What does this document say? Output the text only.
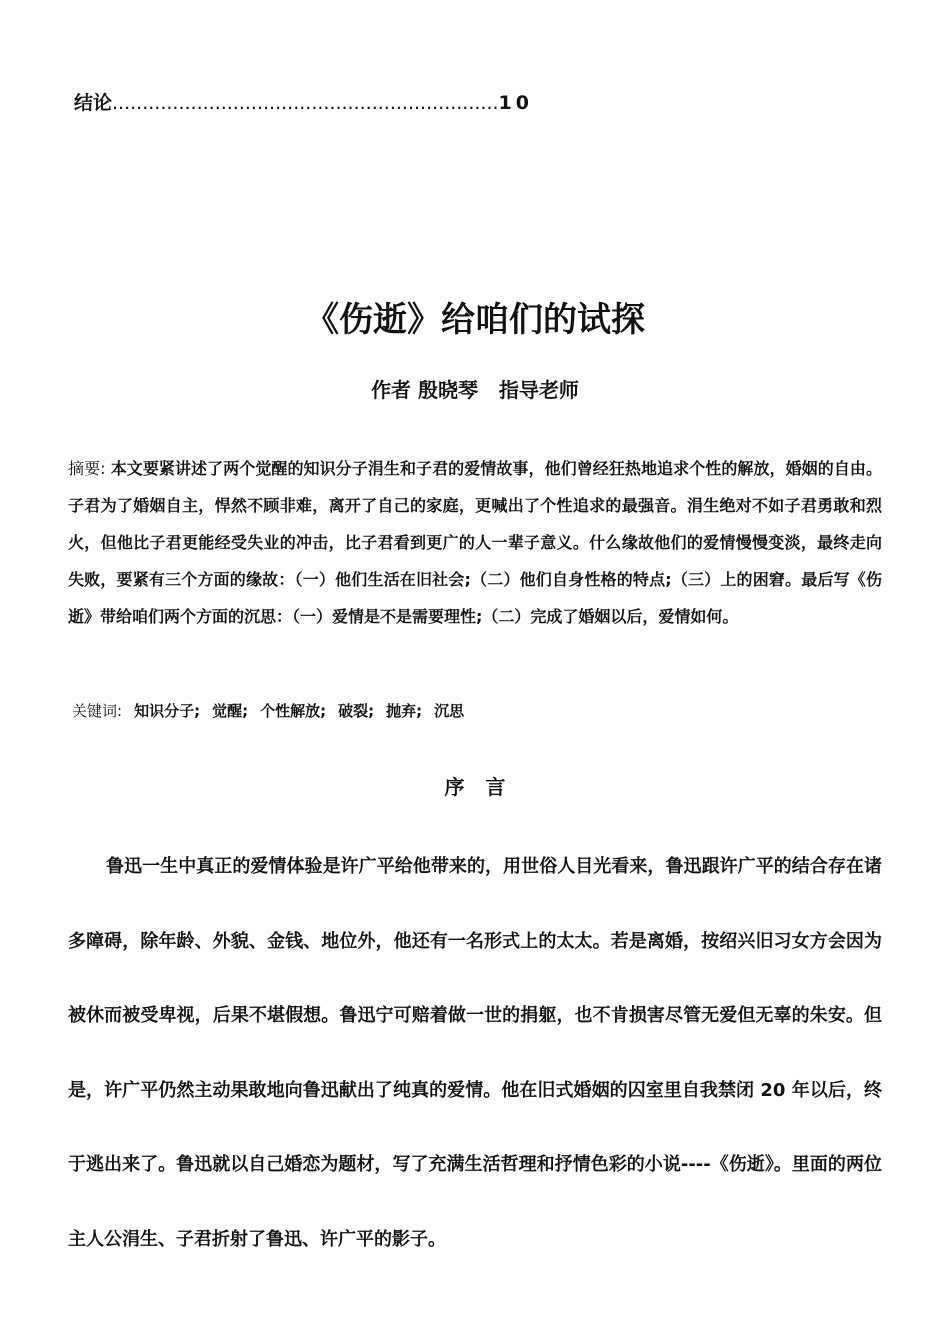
结论................................................................10
《伤逝》给咱们的试探
作者 殷晓琴   指导老师
摘要: 本文要紧讲述了两个觉醒的知识分子涓生和子君的爱情故事，他们曾经狂热地追求个性的解放，婚姻的自由。子君为了婚姻自主，悍然不顾非难，离开了自己的家庭，更喊出了个性追求的最强音。涓生绝对不如子君勇敢和烈火，但他比子君更能经受失业的冲击，比子君看到更广的人一辈子意义。什么缘故他们的爱情慢慢变淡，最终走向失败，要紧有三个方面的缘故：（一）他们生活在旧社会;（二）他们自身性格的特点;（三）上的困窘。最后写《伤逝》带给咱们两个方面的沉思：（一）爱情是不是需要理性;（二）完成了婚姻以后，爱情如何。
关键词: 知识分子; 觉醒; 个性解放; 破裂; 抛弃; 沉思
序   言
鲁迅一生中真正的爱情体验是许广平给他带来的，用世俗人目光看来，鲁迅跟许广平的结合存在诸多障碍，除年龄、外貌、金钱、地位外，他还有一名形式上的太太。若是离婚，按绍兴旧习女方会因为被休而被受卑视，后果不堪假想。鲁迅宁可赔着做一世的捐躯，也不肯损害尽管无爱但无辜的朱安。但是，许广平仍然主动果敢地向鲁迅献出了纯真的爱情。他在旧式婚姻的囚室里自我禁闭 20 年以后，终于逃出来了。鲁迅就以自己婚恋为题材，写了充满生活哲理和抒情色彩的小说----《伤逝》。里面的两位主人公涓生、子君折射了鲁迅、许广平的影子。
